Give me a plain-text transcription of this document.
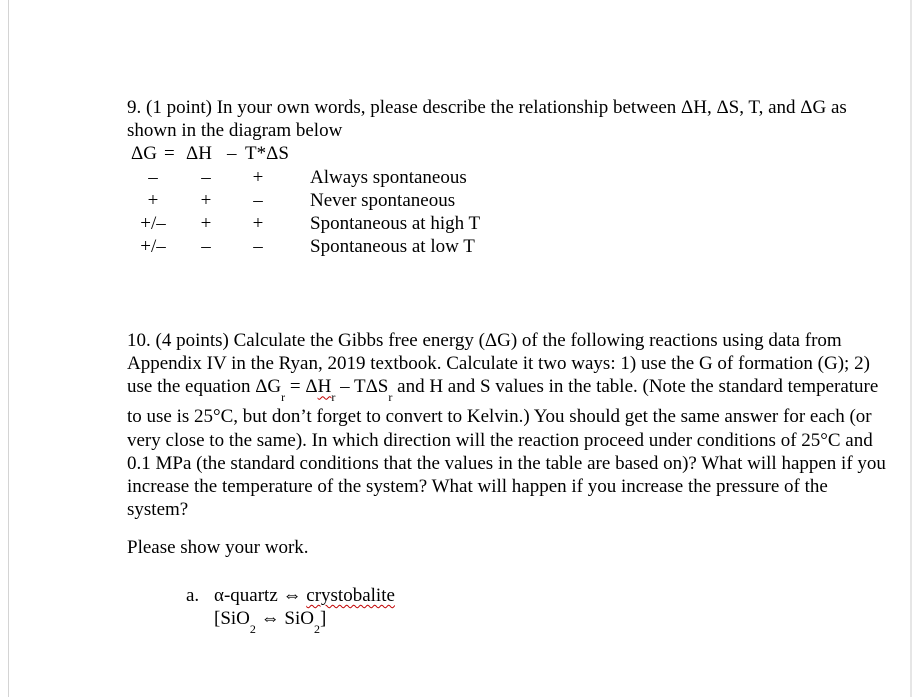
9. (1 point) In your own words, please describe the relationship between ΔH, ΔS, T, and ΔG as shown in the diagram below
ΔG = ΔH – T*ΔS
–	–	+	Always spontaneous
+	+	–	Never spontaneous
+/–	+	+	Spontaneous at high T
+/–	–	–	Spontaneous at low T
10. (4 points) Calculate the Gibbs free energy (ΔG) of the following reactions using data from Appendix IV in the Ryan, 2019 textbook. Calculate it two ways: 1) use the G of formation (G); 2) use the equation $\Delta G_r = \Delta H_r - T\Delta S_r$ and H and S values in the table. (Note the standard temperature to use is 25°C, but don’t forget to convert to Kelvin.) You should get the same answer for each (or very close to the same). In which direction will the reaction proceed under conditions of 25°C and 0.1 MPa (the standard conditions that the values in the table are based on)? What will happen if you increase the temperature of the system? What will happen if you increase the pressure of the system?
Please show your work.
a. α-quartz ⇔ crystobalite
[SiO$_2$ ⇔ SiO$_2$]
